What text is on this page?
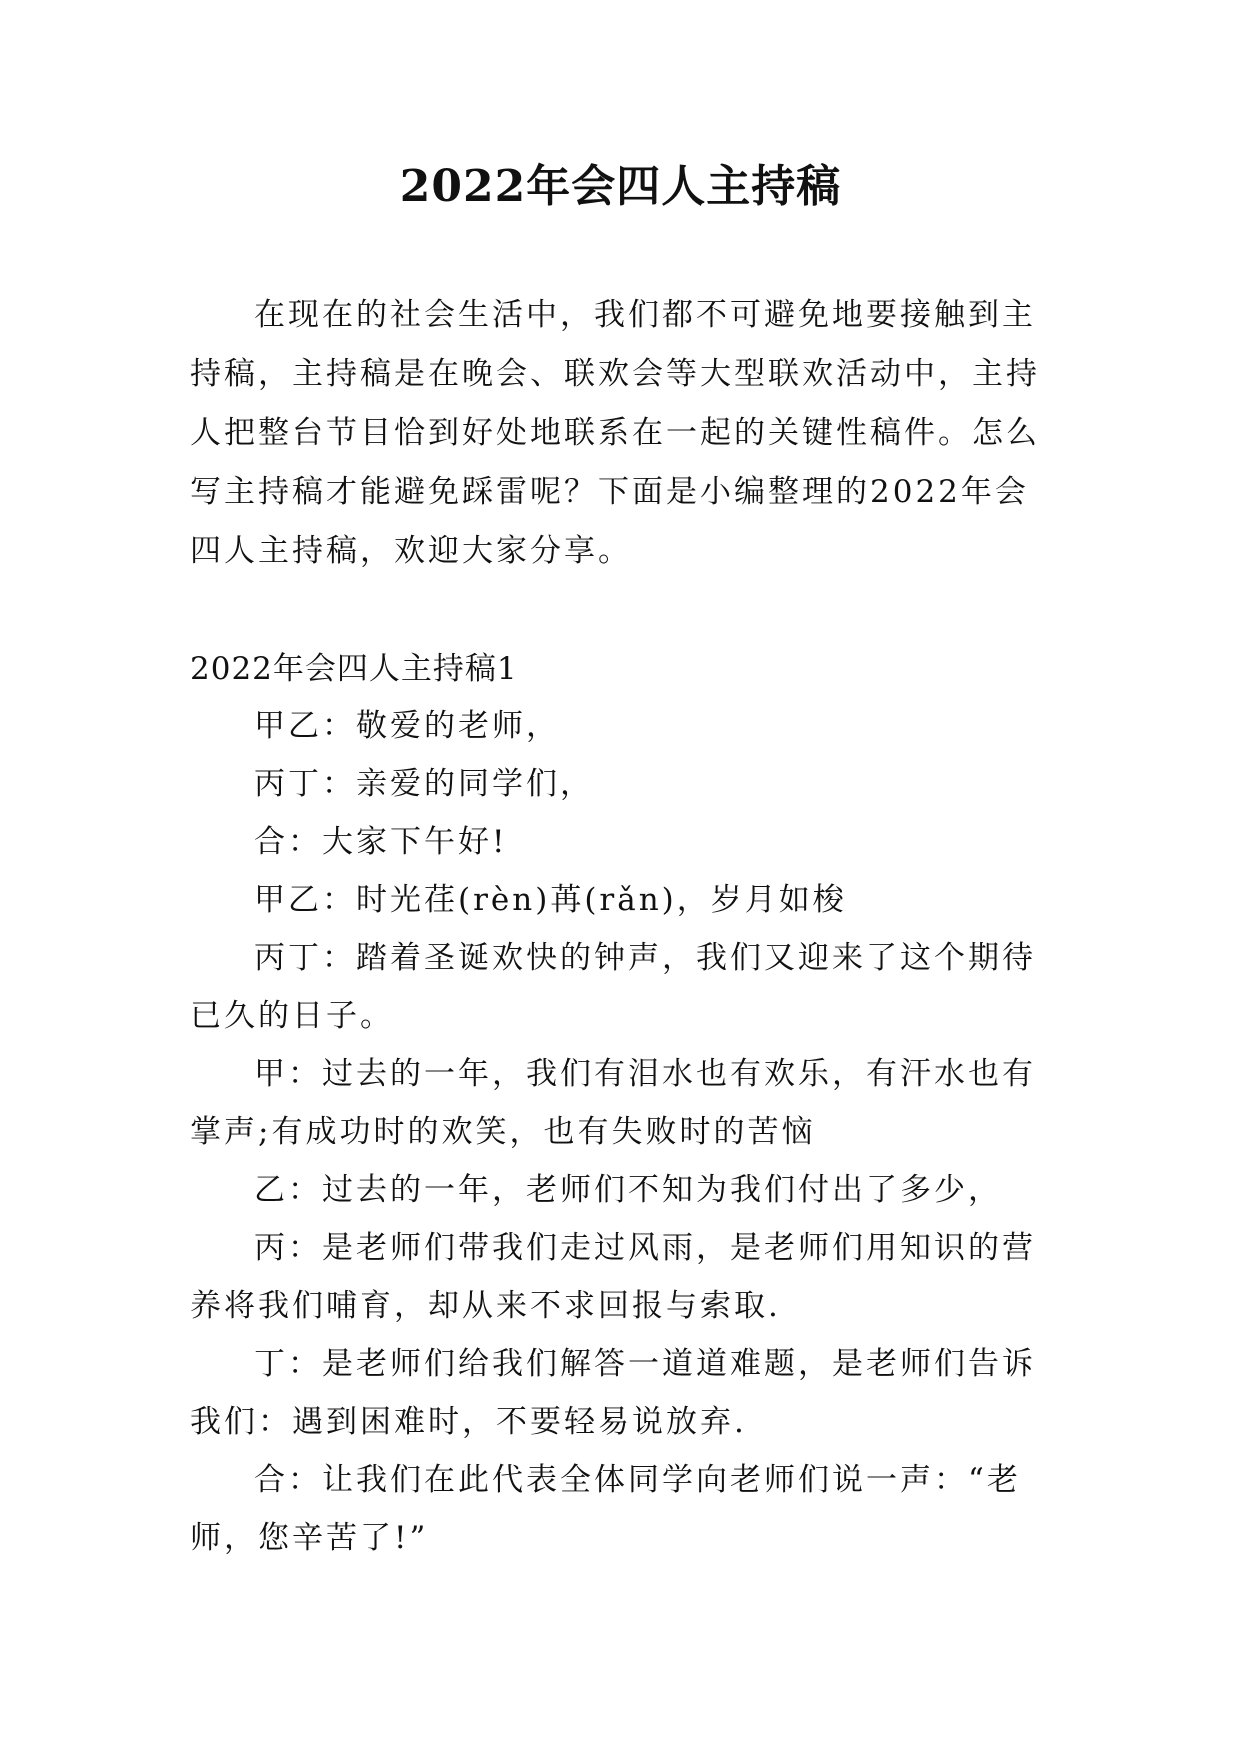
2022年会四人主持稿

在现在的社会生活中，我们都不可避免地要接触到主持稿，主持稿是在晚会、联欢会等大型联欢活动中，主持人把整台节目恰到好处地联系在一起的关键性稿件。怎么写主持稿才能避免踩雷呢？下面是小编整理的2022年会四人主持稿，欢迎大家分享。

2022年会四人主持稿1

甲乙：敬爱的老师，
丙丁：亲爱的同学们，
合：大家下午好!
甲乙：时光荏(rèn)苒(rǎn)，岁月如梭
丙丁：踏着圣诞欢快的钟声，我们又迎来了这个期待已久的日子。
甲：过去的一年，我们有泪水也有欢乐，有汗水也有掌声;有成功时的欢笑，也有失败时的苦恼
乙：过去的一年，老师们不知为我们付出了多少，
丙：是老师们带我们走过风雨，是老师们用知识的营养将我们哺育，却从来不求回报与索取.
丁：是老师们给我们解答一道道难题，是老师们告诉我们：遇到困难时，不要轻易说放弃.
合：让我们在此代表全体同学向老师们说一声：“老师，您辛苦了!”
